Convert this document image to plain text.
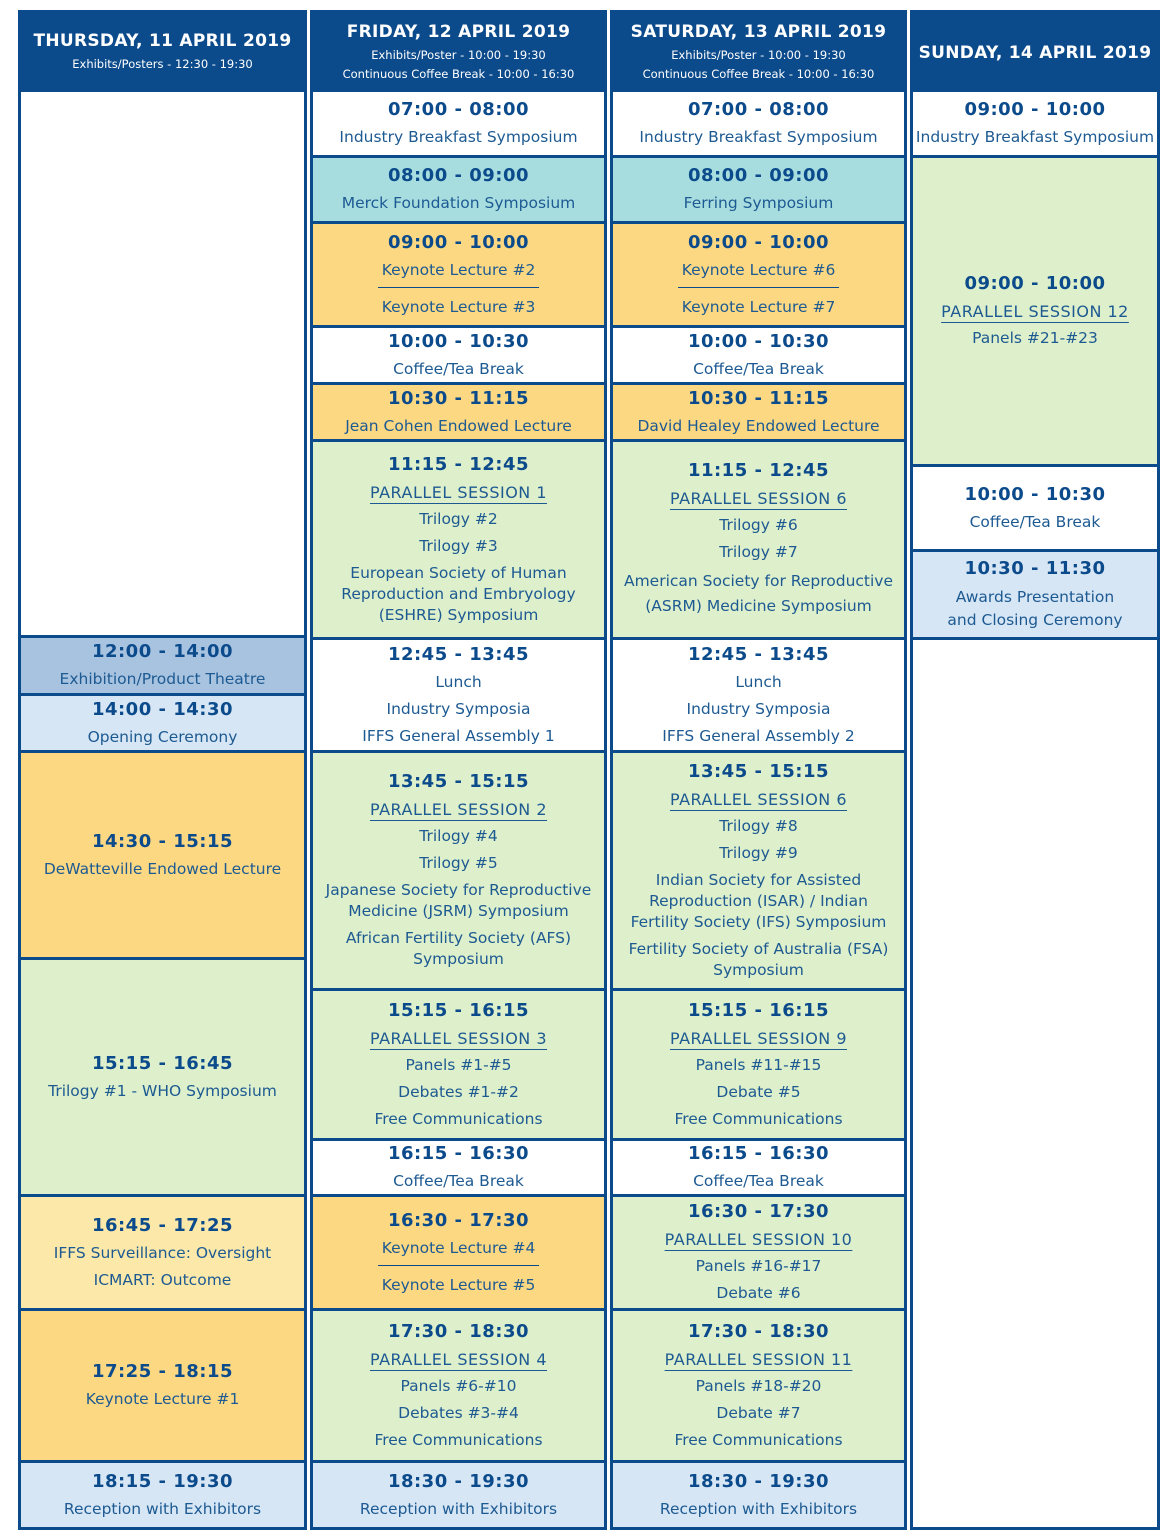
THURSDAY, 11 APRIL 2019
Exhibits/Posters - 12:30 - 19:30
12:00 - 14:00
Exhibition/Product Theatre
14:00 - 14:30
Opening Ceremony
14:30 - 15:15
DeWatteville Endowed Lecture
15:15 - 16:45
Trilogy #1 - WHO Symposium
16:45 - 17:25
IFFS Surveillance: Oversight
ICMART: Outcome
17:25 - 18:15
Keynote Lecture #1
18:15 - 19:30
Reception with Exhibitors
FRIDAY, 12 APRIL 2019
Exhibits/Poster - 10:00 - 19:30
Continuous Coffee Break - 10:00 - 16:30
07:00 - 08:00
Industry Breakfast Symposium
08:00 - 09:00
Merck Foundation Symposium
09:00 - 10:00
Keynote Lecture #2
Keynote Lecture #3
10:00 - 10:30
Coffee/Tea Break
10:30 - 11:15
Jean Cohen Endowed Lecture
11:15 - 12:45
PARALLEL SESSION 1
Trilogy #2
Trilogy #3
European Society of Human Reproduction and Embryology (ESHRE) Symposium
12:45 - 13:45
Lunch
Industry Symposia
IFFS General Assembly 1
13:45 - 15:15
PARALLEL SESSION 2
Trilogy #4
Trilogy #5
Japanese Society for Reproductive Medicine (JSRM) Symposium
African Fertility Society (AFS) Symposium
15:15 - 16:15
PARALLEL SESSION 3
Panels #1-#5
Debates #1-#2
Free Communications
16:15 - 16:30
Coffee/Tea Break
16:30 - 17:30
Keynote Lecture #4
Keynote Lecture #5
17:30 - 18:30
PARALLEL SESSION 4
Panels #6-#10
Debates #3-#4
Free Communications
18:30 - 19:30
Reception with Exhibitors
SATURDAY, 13 APRIL 2019
Exhibits/Poster - 10:00 - 19:30
Continuous Coffee Break - 10:00 - 16:30
07:00 - 08:00
Industry Breakfast Symposium
08:00 - 09:00
Ferring Symposium
09:00 - 10:00
Keynote Lecture #6
Keynote Lecture #7
10:00 - 10:30
Coffee/Tea Break
10:30 - 11:15
David Healey Endowed Lecture
11:15 - 12:45
PARALLEL SESSION 6
Trilogy #6
Trilogy #7
American Society for Reproductive (ASRM) Medicine Symposium
12:45 - 13:45
Lunch
Industry Symposia
IFFS General Assembly 2
13:45 - 15:15
PARALLEL SESSION 6
Trilogy #8
Trilogy #9
Indian Society for Assisted Reproduction (ISAR) / Indian Fertility Society (IFS) Symposium
Fertility Society of Australia (FSA) Symposium
15:15 - 16:15
PARALLEL SESSION 9
Panels #11-#15
Debate #5
Free Communications
16:15 - 16:30
Coffee/Tea Break
16:30 - 17:30
PARALLEL SESSION 10
Panels #16-#17
Debate #6
17:30 - 18:30
PARALLEL SESSION 11
Panels #18-#20
Debate #7
Free Communications
18:30 - 19:30
Reception with Exhibitors
SUNDAY, 14 APRIL 2019
09:00 - 10:00
Industry Breakfast Symposium
09:00 - 10:00
PARALLEL SESSION 12
Panels #21-#23
10:00 - 10:30
Coffee/Tea Break
10:30 - 11:30
Awards Presentation and Closing Ceremony
